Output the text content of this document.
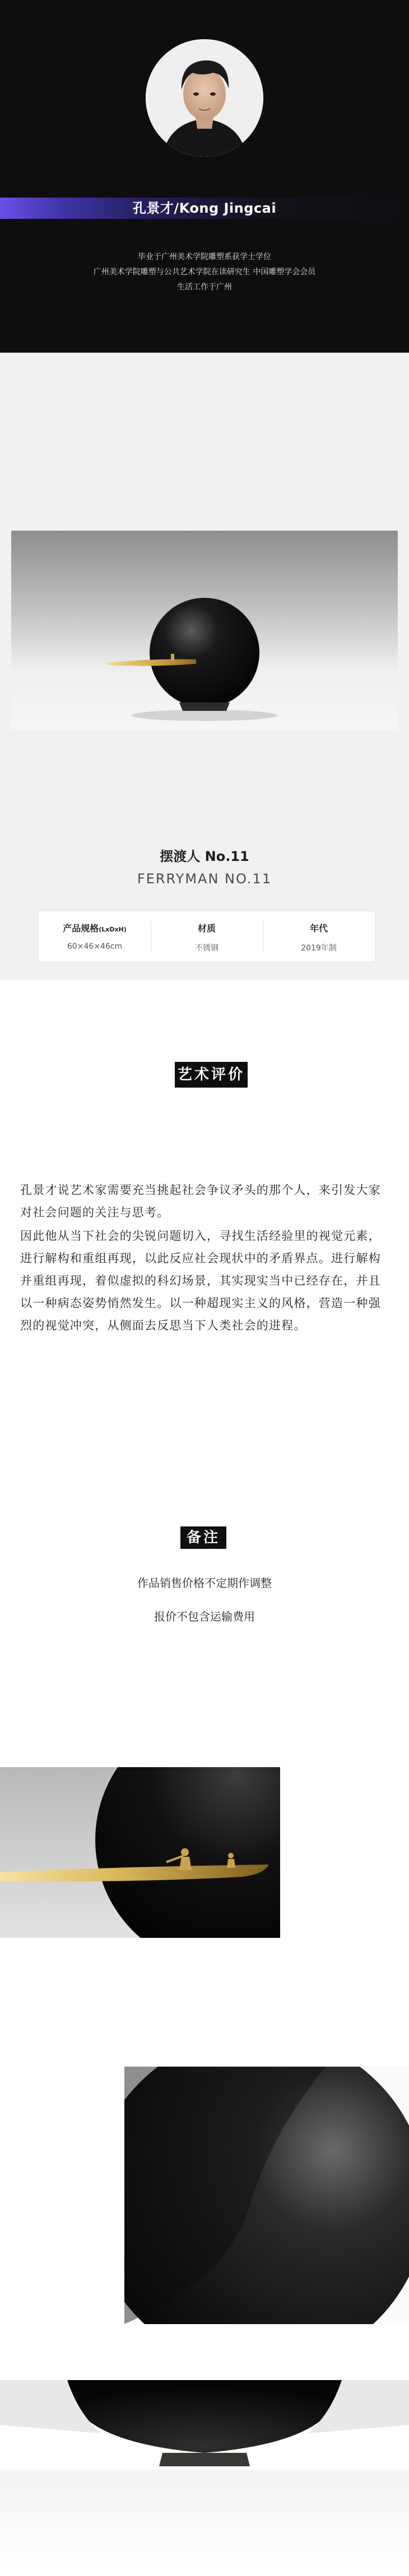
孔景才/Kong Jingcai
毕业于广州美术学院雕塑系获学士学位
广州美术学院雕塑与公共艺术学院在读研究生 中国雕塑学会会员
生活工作于广州
摆渡人 No.11
FERRYMAN NO.11
产品规格(LxDxH)
60×46×46cm
材质
不锈钢
年代
2019年制
艺术评价
孔景才说艺术家需要充当挑起社会争议矛头的那个人，来引发大家对社会问题的关注与思考。
因此他从当下社会的尖锐问题切入，寻找生活经验里的视觉元素，进行解构和重组再现，以此反应社会现状中的矛盾界点。进行解构并重组再现，着似虚拟的科幻场景，其实现实当中已经存在，并且以一种病态姿势悄然发生。以一种超现实主义的风格，营造一种强烈的视觉冲突，从侧面去反思当下人类社会的进程。
备注
作品销售价格不定期作调整
报价不包含运输费用
